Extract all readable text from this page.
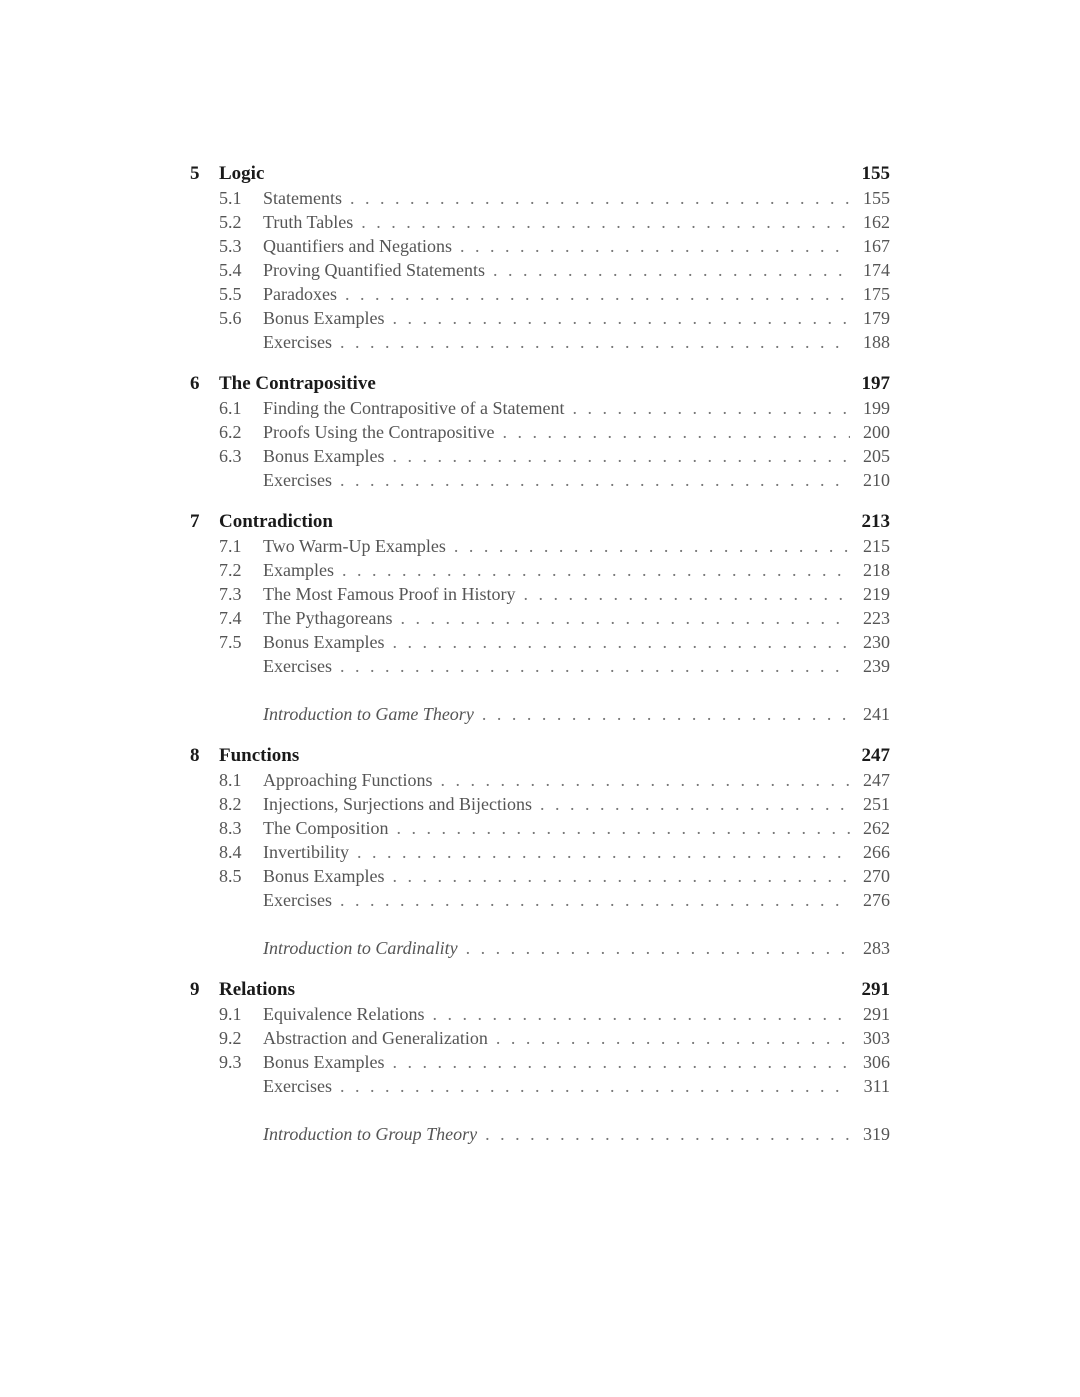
5	Logic	155
5.1	Statements . . .	155
5.2	Truth Tables . . .	162
5.3	Quantifiers and Negations . . .	167
5.4	Proving Quantified Statements . . .	174
5.5	Paradoxes . . .	175
5.6	Bonus Examples . . .	179
Exercises . . .	188
6	The Contrapositive	197
6.1	Finding the Contrapositive of a Statement . . .	199
6.2	Proofs Using the Contrapositive . . .	200
6.3	Bonus Examples . . .	205
Exercises . . .	210
7	Contradiction	213
7.1	Two Warm-Up Examples . . .	215
7.2	Examples . . .	218
7.3	The Most Famous Proof in History . . .	219
7.4	The Pythagoreans . . .	223
7.5	Bonus Examples . . .	230
Exercises . . .	239
Introduction to Game Theory . . .	241
8	Functions	247
8.1	Approaching Functions . . .	247
8.2	Injections, Surjections and Bijections . . .	251
8.3	The Composition . . .	262
8.4	Invertibility . . .	266
8.5	Bonus Examples . . .	270
Exercises . . .	276
Introduction to Cardinality . . .	283
9	Relations	291
9.1	Equivalence Relations . . .	291
9.2	Abstraction and Generalization . . .	303
9.3	Bonus Examples . . .	306
Exercises . . .	311
Introduction to Group Theory . . .	319
